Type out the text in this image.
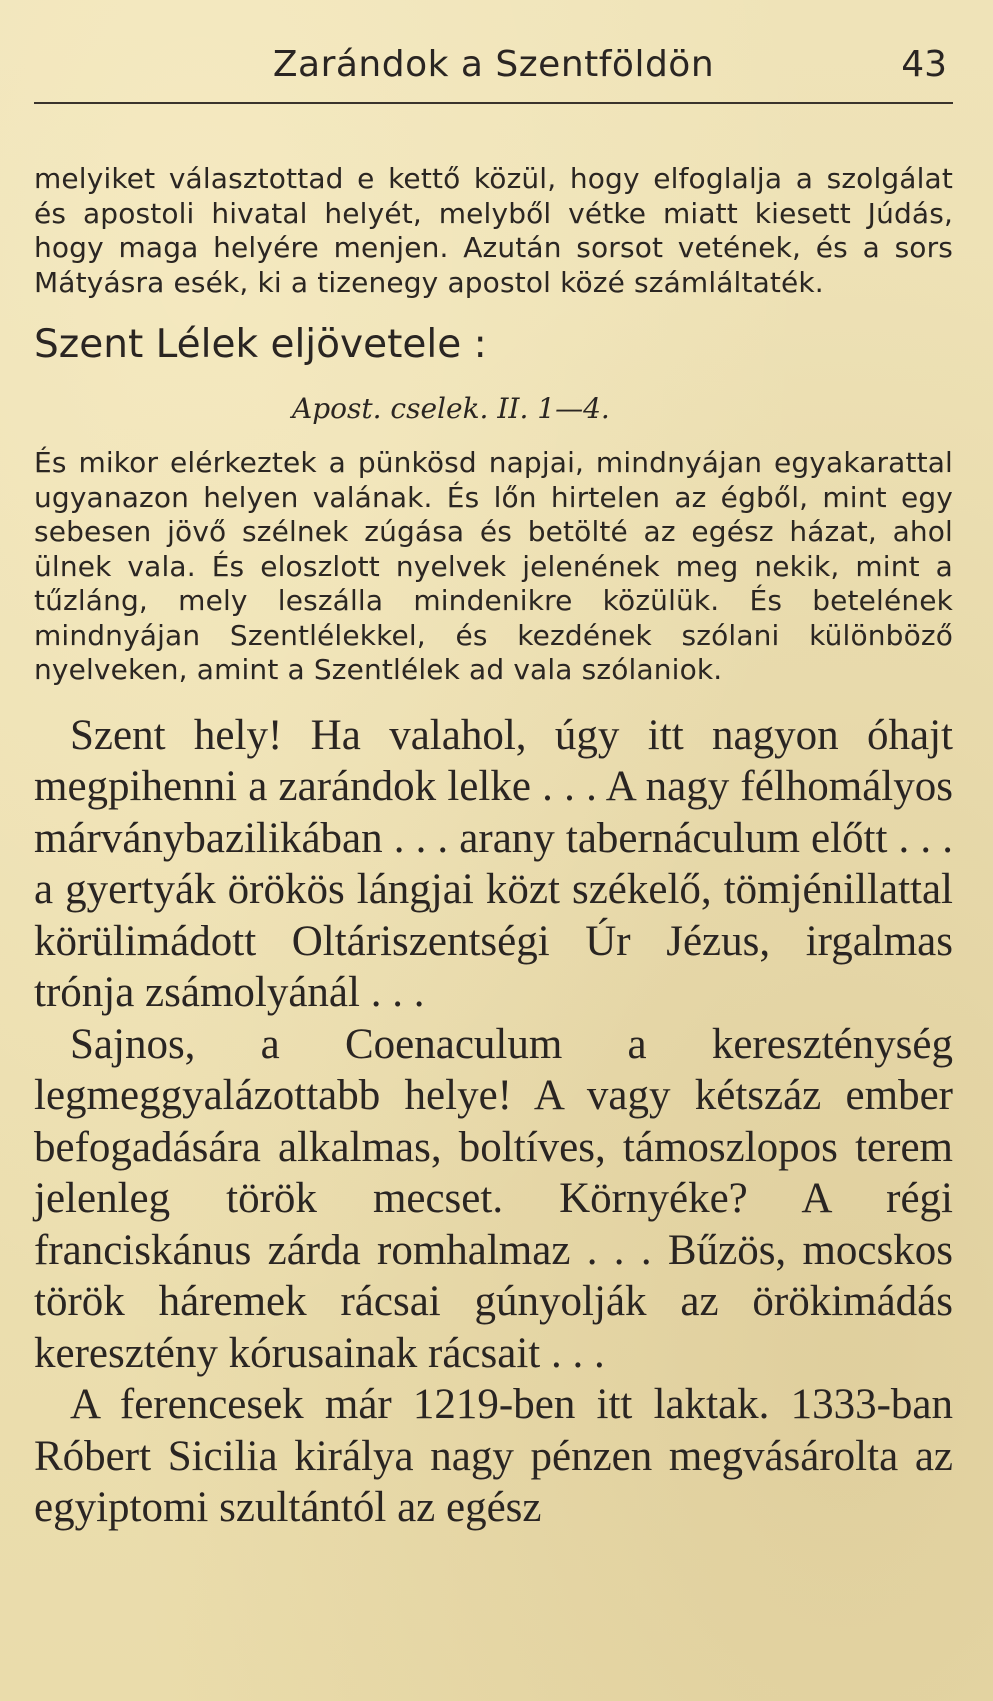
Zarándok a Szentföldön	43

melyiket választottad e kettő közül, hogy elfoglalja a szolgálat és apostoli hivatal helyét, melyből vétke miatt kiesett Júdás, hogy maga helyére menjen. Azután sorsot vetének, és a sors Mátyásra esék, ki a tizenegy apostol közé számláltaték.

Szent Lélek eljövetele :

Apost. cselek. II. 1—4.

És mikor elérkeztek a pünkösd napjai, mindnyájan egyakarattal ugyanazon helyen valának. És lőn hirtelen az égből, mint egy sebesen jövő szélnek zúgása és betölté az egész házat, ahol ülnek vala. És eloszlott nyelvek jelenének meg nekik, mint a tűzláng, mely leszálla mindenikre közülük. És betelének mindnyájan Szentlélekkel, és kezdének szólani különböző nyelveken, amint a Szentlélek ad vala szólaniok.

Szent hely! Ha valahol, úgy itt nagyon óhajt megpihenni a zarándok lelke . . . A nagy félhomályos márványbazilikában . . . arany tabernáculum előtt . . . a gyertyák örökös lángjai közt székelő, tömjénillattal körülimádott Oltáriszentségi Úr Jézus, irgalmas trónja zsámolyánál . . .

Sajnos, a Coenaculum a kereszténység legmeggyalázottabb helye! A vagy kétszáz ember befogadására alkalmas, boltíves, támoszlopos terem jelenleg török mecset. Környéke? A régi franciskánus zárda romhalmaz . . . Bűzös, mocskos török háremek rácsai gúnyolják az örökimádás keresztény kórusainak rácsait . . .

A ferencesek már 1219-ben itt laktak. 1333-ban Róbert Sicilia királya nagy pénzen megvásárolta az egyiptomi szultántól az egész
